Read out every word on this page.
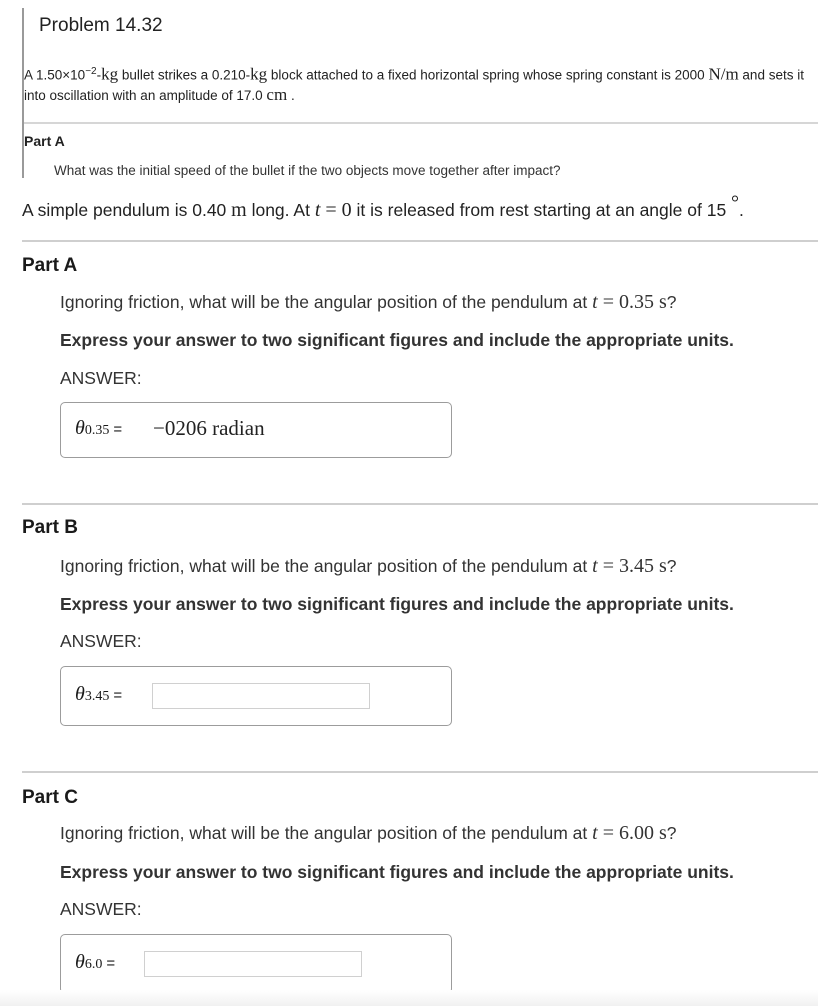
Problem 14.32
A $1.50\times 10^{-2}-kg$ bullet strikes a 0.210-kg block attached to a fixed horizontal spring whose spring constant is 2000 N/m and sets it into oscillation with an amplitude of 17.0 cm .
Part A
What was the initial speed of the bullet if the two objects move together after impact?
A simple pendulum is 0.40 m long. At t = 0 it is released from rest starting at an angle of 15 °.
Part A
Ignoring friction, what will be the angular position of the pendulum at t = 0.35 s?
Express your answer to two significant figures and include the appropriate units.
ANSWER:
θ0.35 = −0206 radian
Part B
Ignoring friction, what will be the angular position of the pendulum at t = 3.45 s?
Express your answer to two significant figures and include the appropriate units.
ANSWER:
θ3.45 =
Part C
Ignoring friction, what will be the angular position of the pendulum at t = 6.00 s?
Express your answer to two significant figures and include the appropriate units.
ANSWER:
θ6.0 =
